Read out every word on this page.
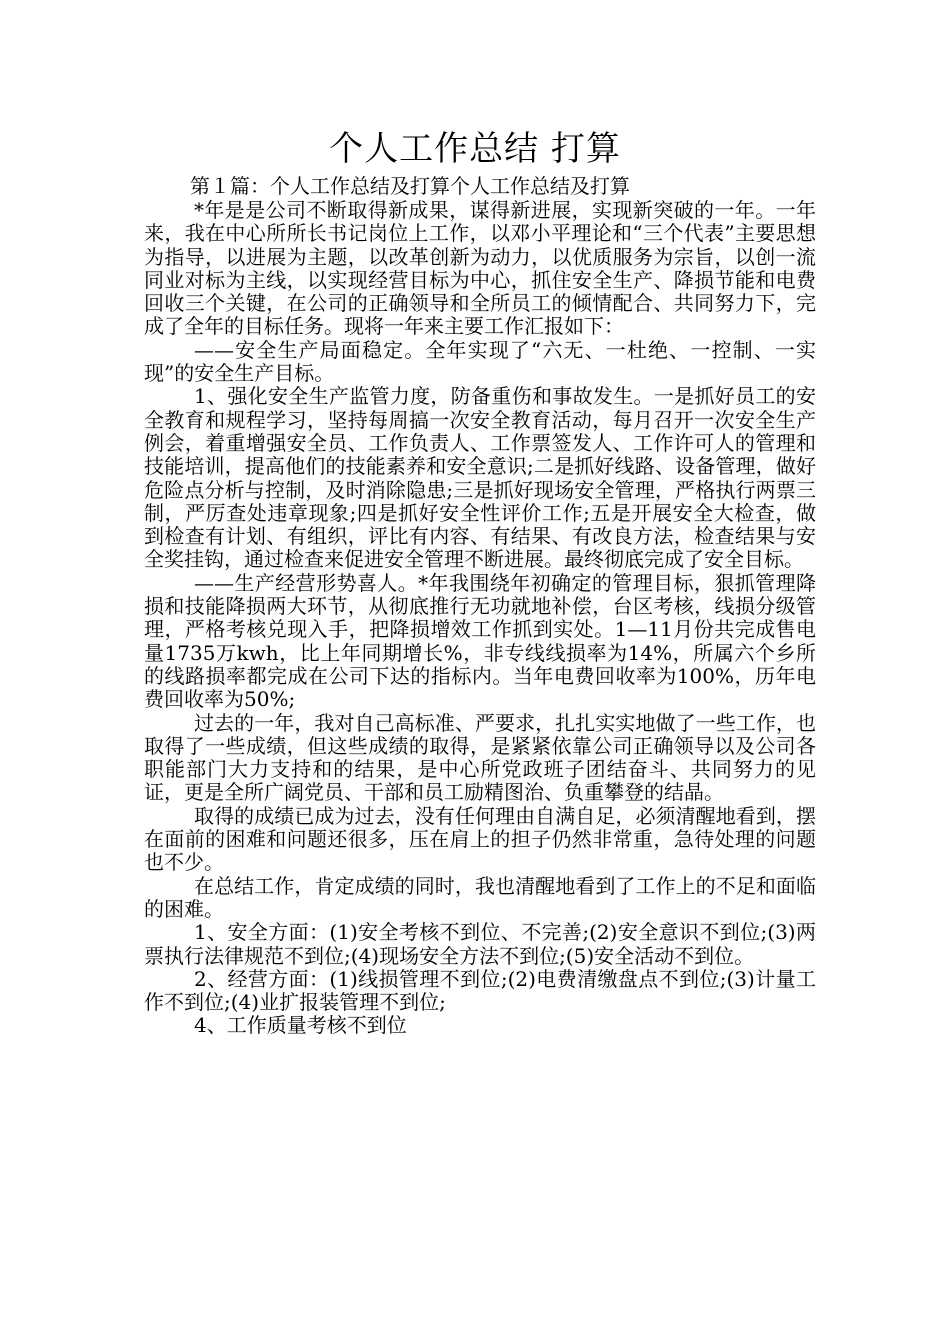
个人工作总结 打算
第１篇：个人工作总结及打算个人工作总结及打算

*年是是公司不断取得新成果，谋得新进展，实现新突破的一年。一年来，我在中心所所长书记岗位上工作，以邓小平理论和“三个代表”主要思想为指导，以进展为主题，以改革创新为动力，以优质服务为宗旨，以创一流同业对标为主线，以实现经营目标为中心，抓住安全生产、降损节能和电费回收三个关键，在公司的正确领导和全所员工的倾情配合、共同努力下，完成了全年的目标任务。现将一年来主要工作汇报如下：

——安全生产局面稳定。全年实现了“六无、一杜绝、一控制、一实现”的安全生产目标。

1、强化安全生产监管力度，防备重伤和事故发生。一是抓好员工的安全教育和规程学习，坚持每周搞一次安全教育活动，每月召开一次安全生产例会，着重增强安全员、工作负责人、工作票签发人、工作许可人的管理和技能培训，提高他们的技能素养和安全意识;二是抓好线路、设备管理，做好危险点分析与控制，及时消除隐患;三是抓好现场安全管理，严格执行两票三制，严厉查处违章现象;四是抓好安全性评价工作;五是开展安全大检查，做到检查有计划、有组织，评比有内容、有结果、有改良方法，检查结果与安全奖挂钩，通过检查来促进安全管理不断进展。最终彻底完成了安全目标。

——生产经营形势喜人。*年我围绕年初确定的管理目标，狠抓管理降损和技能降损两大环节，从彻底推行无功就地补偿，台区考核，线损分级管理，严格考核兑现入手，把降损增效工作抓到实处。1—11月份共完成售电量1735万kwh，比上年同期增长%，非专线线损率为14%，所属六个乡所的线路损率都完成在公司下达的指标内。当年电费回收率为100%，历年电费回收率为50%;

过去的一年，我对自己高标准、严要求，扎扎实实地做了一些工作，也取得了一些成绩，但这些成绩的取得，是紧紧依靠公司正确领导以及公司各职能部门大力支持和的结果，是中心所党政班子团结奋斗、共同努力的见证，更是全所广阔党员、干部和员工励精图治、负重攀登的结晶。

取得的成绩已成为过去，没有任何理由自满自足，必须清醒地看到，摆在面前的困难和问题还很多，压在肩上的担子仍然非常重，急待处理的问题也不少。

在总结工作，肯定成绩的同时，我也清醒地看到了工作上的不足和面临的困难。

1、安全方面：(1)安全考核不到位、不完善;(2)安全意识不到位;(3)两票执行法律规范不到位;(4)现场安全方法不到位;(5)安全活动不到位。

2、经营方面：(1)线损管理不到位;(2)电费清缴盘点不到位;(3)计量工作不到位;(4)业扩报装管理不到位;

4、工作质量考核不到位
